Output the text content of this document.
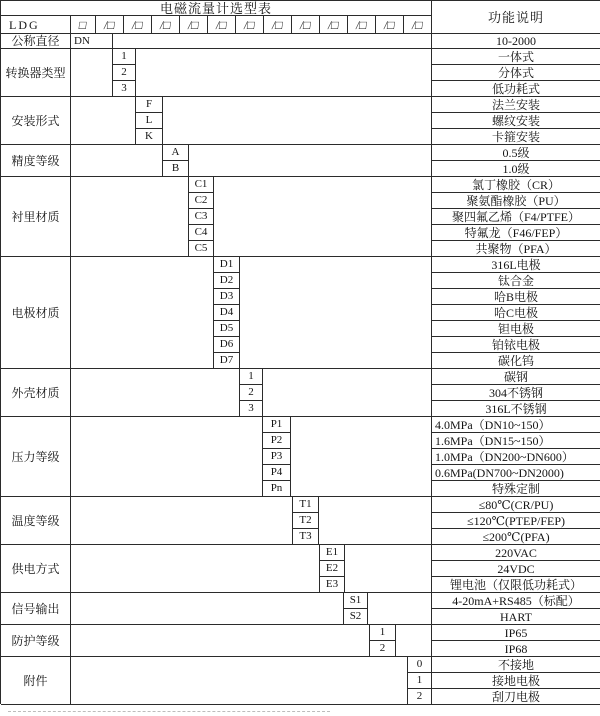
电磁流量计选型表
功能说明
LDG	□ /□ /□ /□ /□ /□ /□ /□ /□ /□ /□ /□ /□
公称直径	DN	10-2000
转换器类型
1	一体式
2	分体式
3	低功耗式
安装形式
F	法兰安装
L	螺纹安装
K	卡箍安装
精度等级
A	0.5级
B	1.0级
衬里材质
C1	氯丁橡胶（CR）
C2	聚氨酯橡胶（PU）
C3	聚四氟乙烯（F4/PTFE）
C4	特氟龙（F46/FEP）
C5	共聚物（PFA）
电极材质
D1	316L电极
D2	钛合金
D3	哈B电极
D4	哈C电极
D5	钽电极
D6	铂铱电极
D7	碳化钨
外壳材质
1	碳钢
2	304不锈钢
3	316L不锈钢
压力等级
P1	4.0MPa（DN10~150）
P2	1.6MPa（DN15~150）
P3	1.0MPa（DN200~DN600）
P4	0.6MPa(DN700~DN2000)
Pn	特殊定制
温度等级
T1	≤80℃(CR/PU)
T2	≤120℃(PTEP/FEP)
T3	≤200℃(PFA)
供电方式
E1	220VAC
E2	24VDC
E3	锂电池（仅限低功耗式）
信号输出
S1	4-20mA+RS485（标配）
S2	HART
防护等级
1	IP65
2	IP68
附件
0	不接地
1	接地电极
2	刮刀电极
